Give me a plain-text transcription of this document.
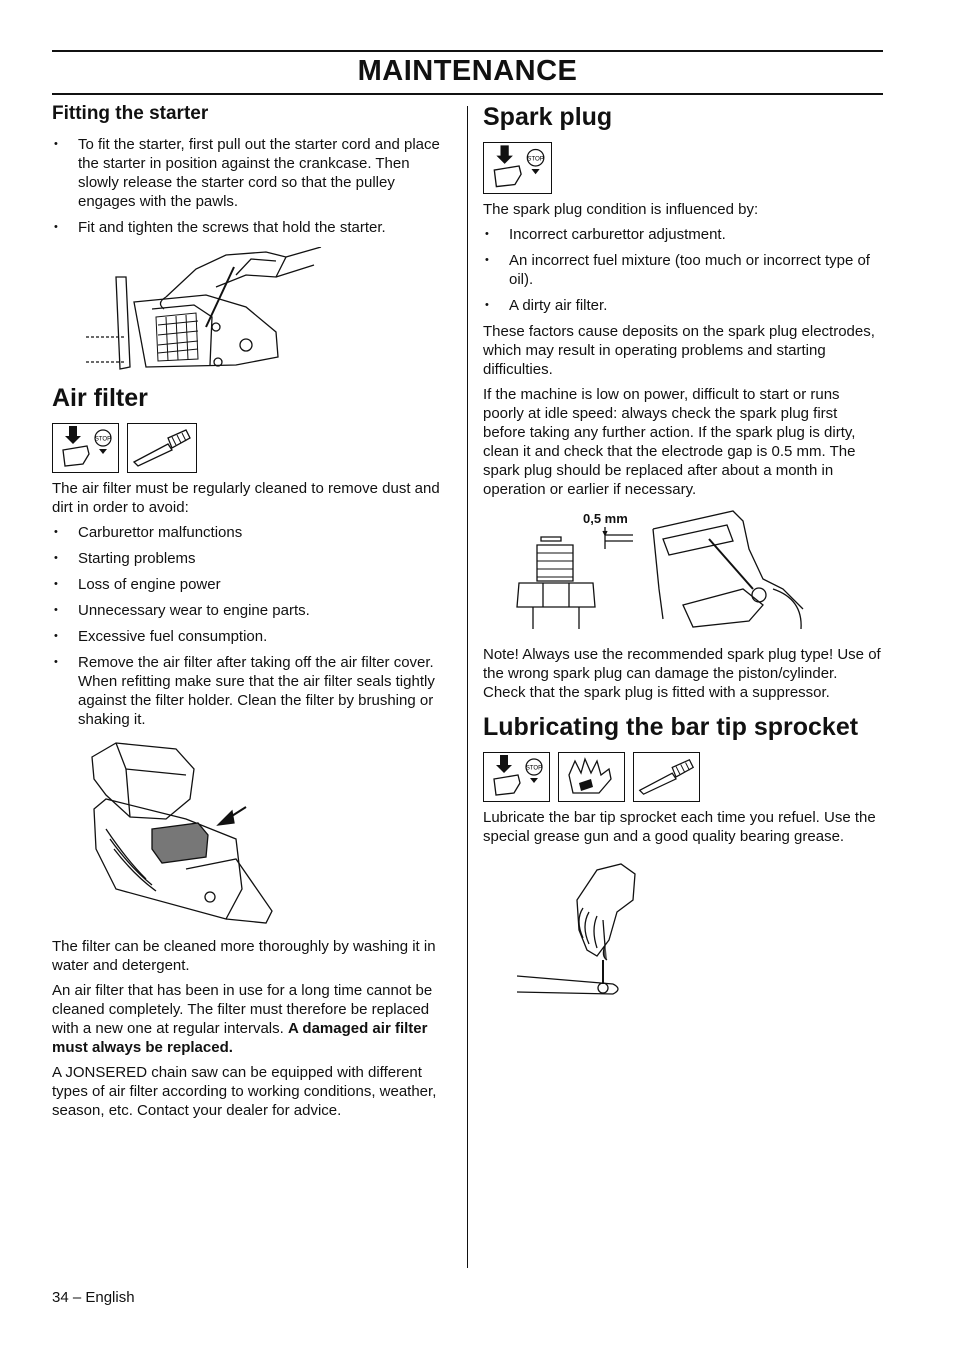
MAINTENANCE
Fitting the starter
• To fit the starter, first pull out the starter cord and place the starter in position against the crankcase. Then slowly release the starter cord so that the pulley engages with the pawls.
• Fit and tighten the screws that hold the starter.
Air filter
STOP

The air filter must be regularly cleaned to remove dust and dirt in order to avoid:

• Carburettor malfunctions
• Starting problems
• Loss of engine power
• Unnecessary wear to engine parts.
• Excessive fuel consumption.
• Remove the air filter after taking off the air filter cover. When refitting make sure that the air filter seals tightly against the filter holder. Clean the filter by brushing or shaking it.

The filter can be cleaned more thoroughly by washing it in water and detergent.

An air filter that has been in use for a long time cannot be cleaned completely. The filter must therefore be replaced with a new one at regular intervals. A damaged air filter must always be replaced.

A JONSERED chain saw can be equipped with different types of air filter according to working conditions, weather, season, etc. Contact your dealer for advice.

Spark plug
STOP

The spark plug condition is influenced by:

• Incorrect carburettor adjustment.
• An incorrect fuel mixture (too much or incorrect type of oil).
• A dirty air filter.

These factors cause deposits on the spark plug electrodes, which may result in operating problems and starting difficulties.

If the machine is low on power, difficult to start or runs poorly at idle speed: always check the spark plug first before taking any further action. If the spark plug is dirty, clean it and check that the electrode gap is 0.5 mm. The spark plug should be replaced after about a month in operation or earlier if necessary.

0,5 mm

Note! Always use the recommended spark plug type! Use of the wrong spark plug can damage the piston/cylinder. Check that the spark plug is fitted with a suppressor.

Lubricating the bar tip sprocket
STOP

Lubricate the bar tip sprocket each time you refuel. Use the special grease gun and a good quality bearing grease.

34 – English
